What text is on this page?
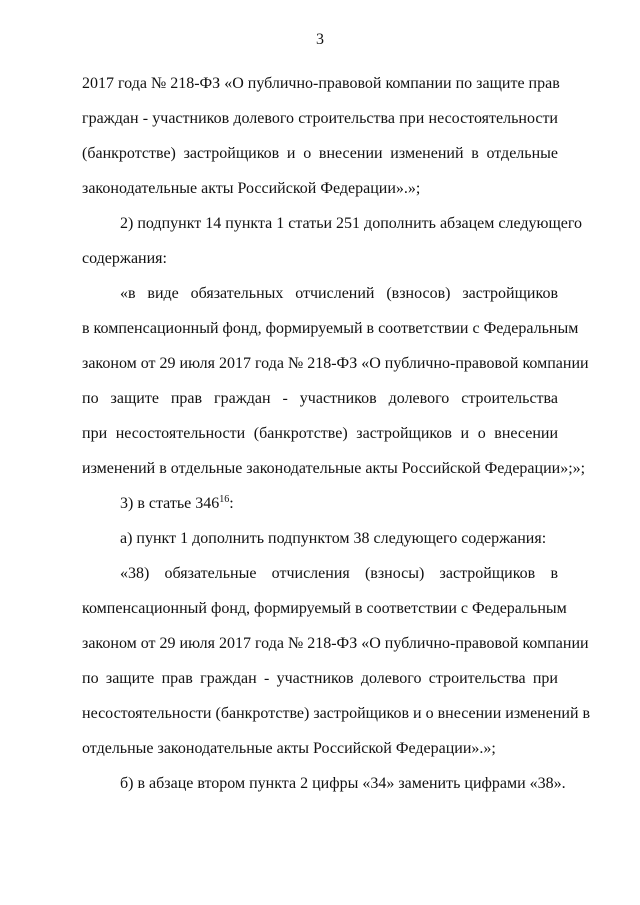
3
2017 года № 218-ФЗ «О публично-правовой компании по защите прав
граждан - участников долевого строительства при несостоятельности
(банкротстве) застройщиков и о внесении изменений в отдельные
законодательные акты Российской Федерации».»;
2) подпункт 14 пункта 1 статьи 251 дополнить абзацем следующего
содержания:
«в виде обязательных отчислений (взносов) застройщиков
в компенсационный фонд, формируемый в соответствии с Федеральным
законом от 29 июля 2017 года № 218-ФЗ «О публично-правовой компании
по защите прав граждан - участников долевого строительства
при несостоятельности (банкротстве) застройщиков и о внесении
изменений в отдельные законодательные акты Российской Федерации»;»;
3) в статье $346^{16}$:
а) пункт 1 дополнить подпунктом 38 следующего содержания:
«38) обязательные отчисления (взносы) застройщиков в
компенсационный фонд, формируемый в соответствии с Федеральным
законом от 29 июля 2017 года № 218-ФЗ «О публично-правовой компании
по защите прав граждан - участников долевого строительства при
несостоятельности (банкротстве) застройщиков и о внесении изменений в
отдельные законодательные акты Российской Федерации».»;
б) в абзаце втором пункта 2 цифры «34» заменить цифрами «38».
